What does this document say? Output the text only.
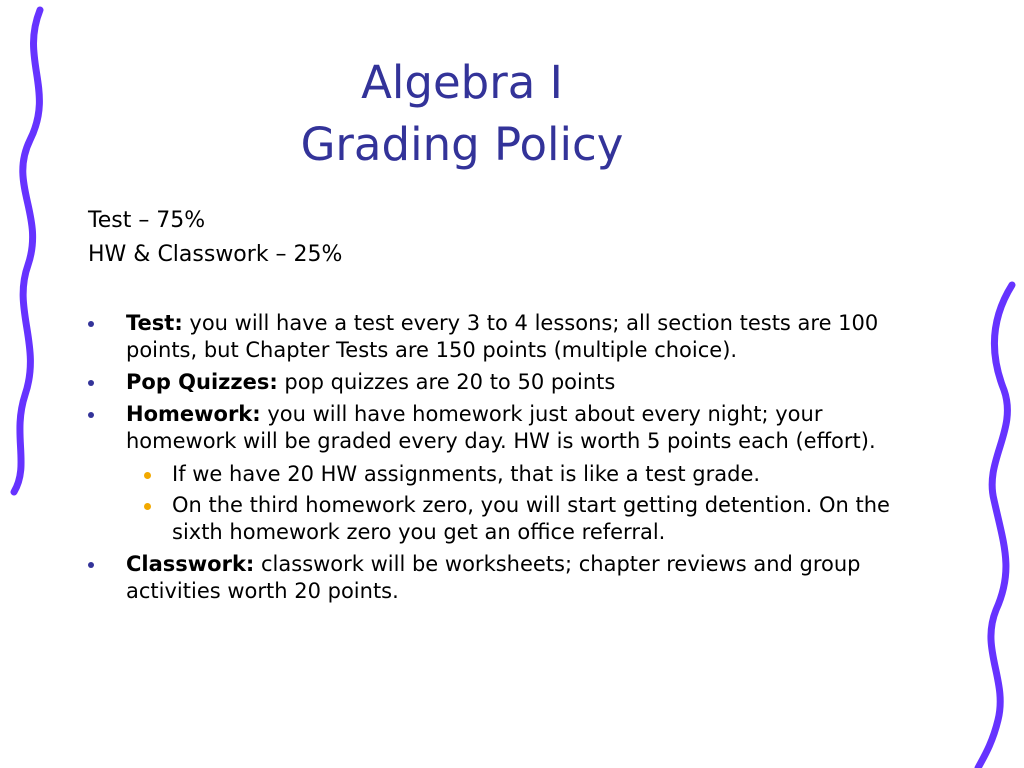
Algebra I
Grading Policy
Test – 75%
HW & Classwork – 25%
Test: you will have a test every 3 to 4 lessons; all section tests are 100 points, but Chapter Tests are 150 points (multiple choice).
Pop Quizzes: pop quizzes are 20 to 50 points
Homework: you will have homework just about every night; your homework will be graded every day. HW is worth 5 points each (effort).
If we have 20 HW assignments, that is like a test grade.
On the third homework zero, you will start getting detention. On the sixth homework zero you get an office referral.
Classwork: classwork will be worksheets; chapter reviews and group activities worth 20 points.
